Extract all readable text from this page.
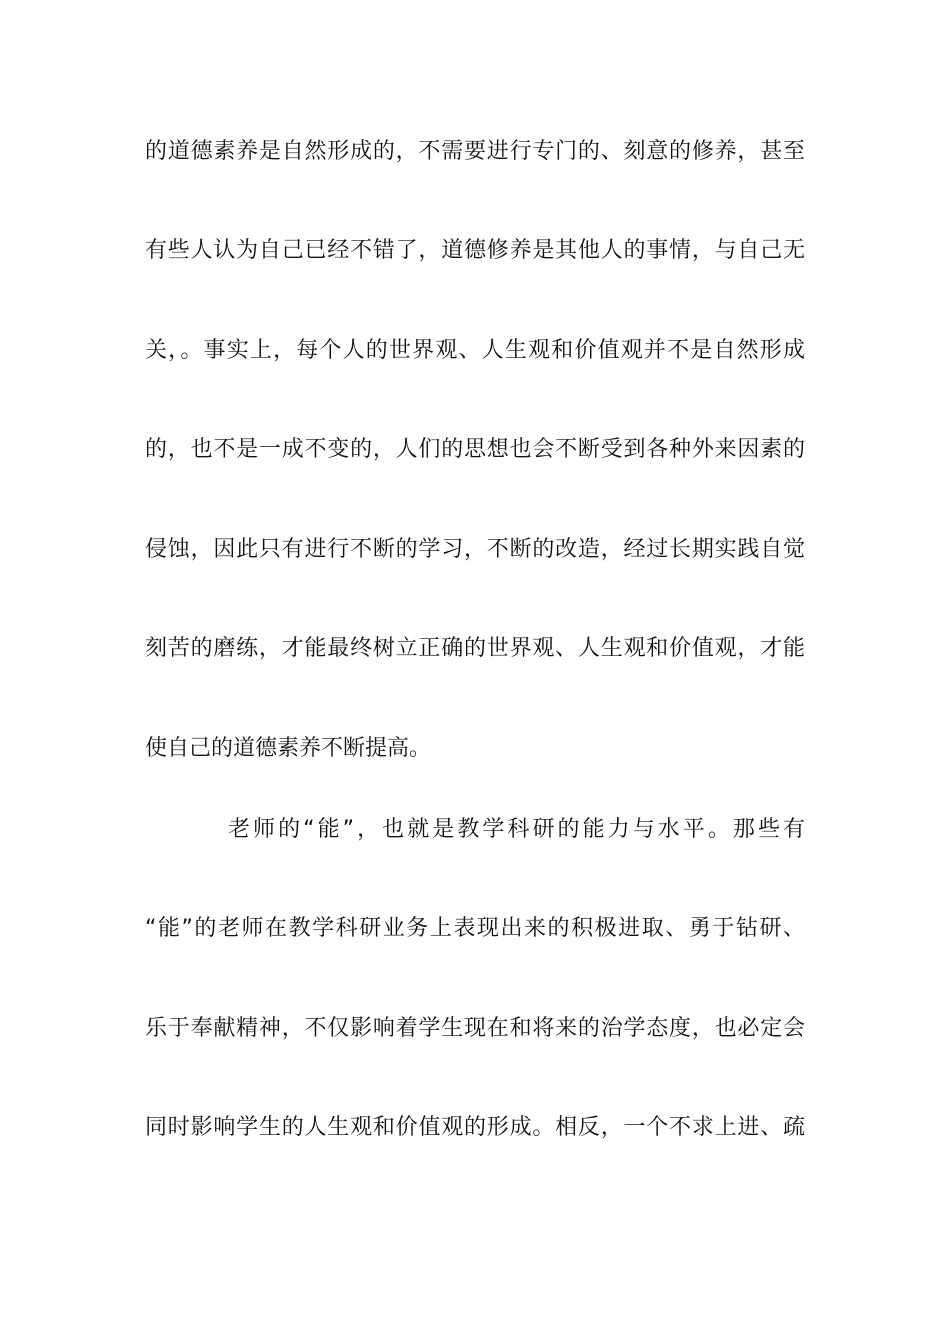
的道德素养是自然形成的，不需要进行专门的、刻意的修养，甚至
有些人认为自己已经不错了，道德修养是其他人的事情，与自己无
关，。事实上，每个人的世界观、人生观和价值观并不是自然形成
的，也不是一成不变的，人们的思想也会不断受到各种外来因素的
侵蚀，因此只有进行不断的学习，不断的改造，经过长期实践自觉
刻苦的磨练，才能最终树立正确的世界观、人生观和价值观，才能
使自己的道德素养不断提高。
老师的“能”，也就是教学科研的能力与水平。那些有
“能”的老师在教学科研业务上表现出来的积极进取、勇于钻研、
乐于奉献精神，不仅影响着学生现在和将来的治学态度，也必定会
同时影响学生的人生观和价值观的形成。相反，一个不求上进、疏
